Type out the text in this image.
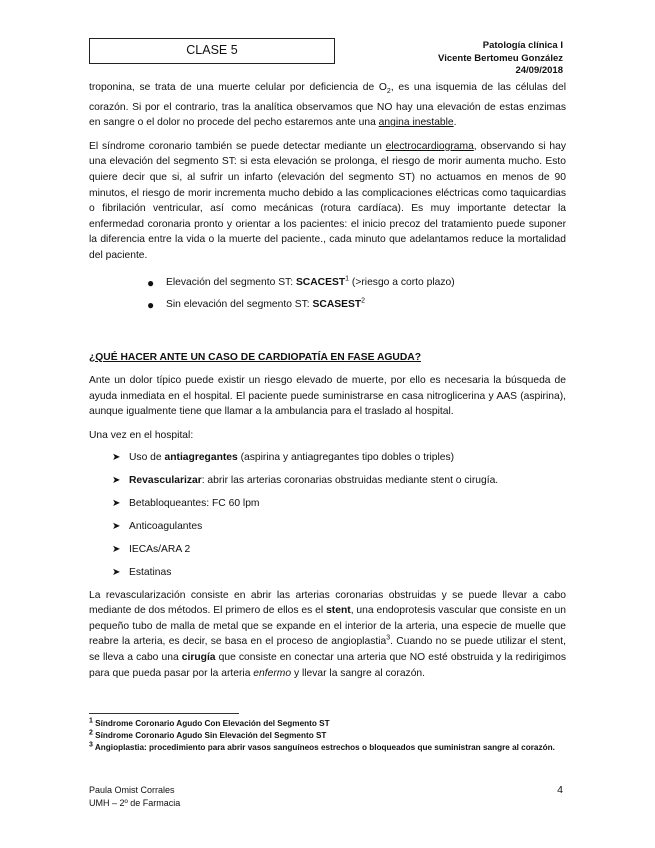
CLASE 5	Patología clínica I
Vicente Bertomeu González
24/09/2018

troponina, se trata de una muerte celular por deficiencia de $O_2$, es una isquemia de las células del corazón. Si por el contrario, tras la analítica observamos que NO hay una elevación de estas enzimas en sangre o el dolor no procede del pecho estaremos ante una angina inestable.

El síndrome coronario también se puede detectar mediante un electrocardiograma, observando si hay una elevación del segmento ST: si esta elevación se prolonga, el riesgo de morir aumenta mucho. Esto quiere decir que si, al sufrir un infarto (elevación del segmento ST) no actuamos en menos de 90 minutos, el riesgo de morir incrementa mucho debido a las complicaciones eléctricas como taquicardias o fibrilación ventricular, así como mecánicas (rotura cardíaca). Es muy importante detectar la enfermedad coronaria pronto y orientar a los pacientes: el inicio precoz del tratamiento puede suponer la diferencia entre la vida o la muerte del paciente., cada minuto que adelantamos reduce la mortalidad del paciente.

● Elevación del segmento ST: SCACEST$^1$ (>riesgo a corto plazo)
● Sin elevación del segmento ST: SCASEST$^2$
¿QUÉ HACER ANTE UN CASO DE CARDIOPATÍA EN FASE AGUDA?

Ante un dolor típico puede existir un riesgo elevado de muerte, por ello es necesaria la búsqueda de ayuda inmediata en el hospital. El paciente puede suministrarse en casa nitroglicerina y AAS (aspirina), aunque igualmente tiene que llamar a la ambulancia para el traslado al hospital.

Una vez en el hospital:

➤ Uso de antiagregantes (aspirina y antiagregantes tipo dobles o triples)
➤ Revascularizar: abrir las arterias coronarias obstruidas mediante stent o cirugía.
➤ Betabloqueantes: FC 60 lpm
➤ Anticoagulantes
➤ IECAs/ARA 2
➤ Estatinas

La revascularización consiste en abrir las arterias coronarias obstruidas y se puede llevar a cabo mediante de dos métodos. El primero de ellos es el stent, una endoprotesis vascular que consiste en un pequeño tubo de malla de metal que se expande en el interior de la arteria, una especie de muelle que reabre la arteria, es decir, se basa en el proceso de angioplastia$^3$. Cuando no se puede utilizar el stent, se lleva a cabo una cirugía que consiste en conectar una arteria que NO esté obstruida y la redirigimos para que pueda pasar por la arteria enfermo y llevar la sangre al corazón.

$^1$ Síndrome Coronario Agudo Con Elevación del Segmento ST
$^2$ Síndrome Coronario Agudo Sin Elevación del Segmento ST
$^3$ Angioplastia: procedimiento para abrir vasos sanguíneos estrechos o bloqueados que suministran sangre al corazón.
Paula Omist Corrales
UMH – 2º de Farmacia
4
